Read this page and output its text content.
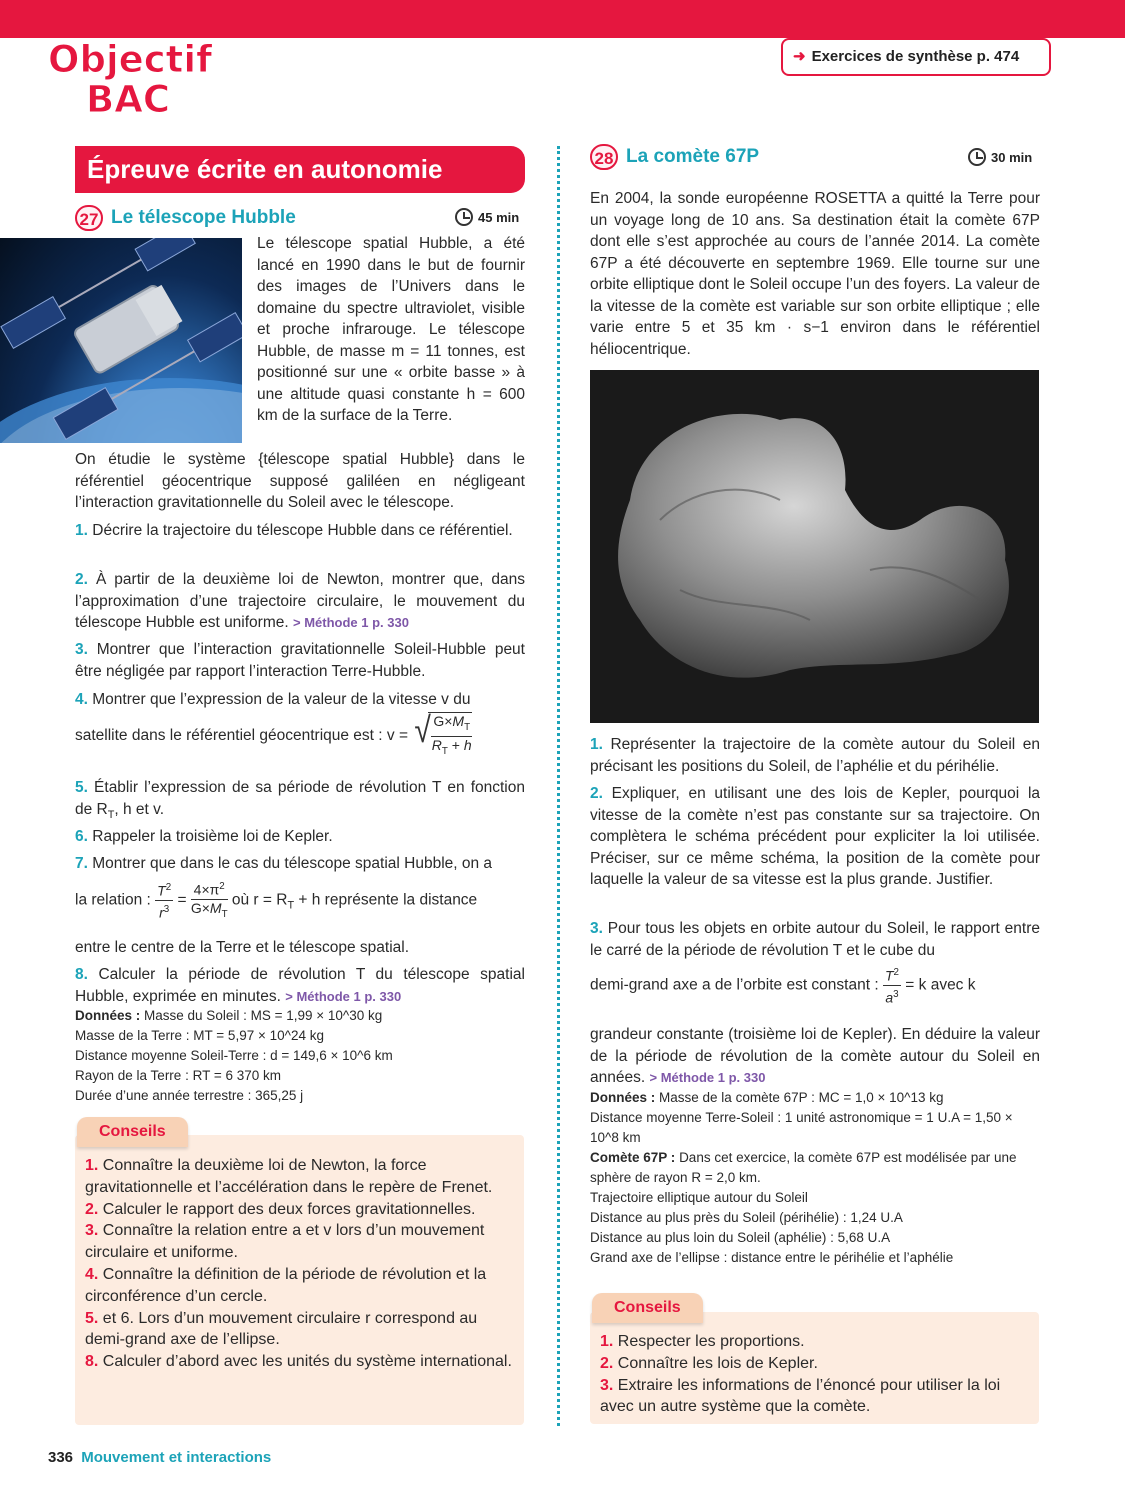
Objectif
BAC
➜ Exercices de synthèse p. 474
Épreuve écrite en autonomie
27 Le télescope Hubble	45 min
Le télescope spatial Hubble, a été lancé en 1990 dans le but de fournir des images de l’Univers dans le domaine du spectre ultraviolet, visible et proche infrarouge. Le télescope Hubble, de masse m = 11 tonnes, est positionné sur une « orbite basse » à une altitude quasi constante h = 600 km de la surface de la Terre.
On étudie le système {télescope spatial Hubble} dans le référentiel géocentrique supposé galiléen en négligeant l’interaction gravitationnelle du Soleil avec le télescope.
1. Décrire la trajectoire du télescope Hubble dans ce référentiel.
2. À partir de la deuxième loi de Newton, montrer que, dans l’approximation d’une trajectoire circulaire, le mouvement du télescope Hubble est uniforme. > Méthode 1 p. 330
3. Montrer que l’interaction gravitationnelle Soleil-Hubble peut être négligée par rapport l’interaction Terre-Hubble.
4. Montrer que l’expression de la valeur de la vitesse v du
satellite dans le référentiel géocentrique est : v =
√ $\frac{G\times M_T}{R_T + h}$
5. Établir l’expression de sa période de révolution T en fonction de $R_T$, h et v.
6. Rappeler la troisième loi de Kepler.
7. Montrer que dans le cas du télescope spatial Hubble, on a
la relation : $\frac{T^2}{r^3} = \frac{4\times\pi^2}{G\times M_T}$ où $r = R_T + h$ représente la distance
entre le centre de la Terre et le télescope spatial.
8. Calculer la période de révolution T du télescope spatial Hubble, exprimée en minutes. > Méthode 1 p. 330
Données : Masse du Soleil : MS = 1,99 × 10^30 kg
Masse de la Terre : MT = 5,97 × 10^24 kg
Distance moyenne Soleil-Terre : d = 149,6 × 10^6 km
Rayon de la Terre : RT = 6 370 km
Durée d’une année terrestre : 365,25 j
Conseils
1. Connaître la deuxième loi de Newton, la force gravitationnelle et l’accélération dans le repère de Frenet.
2. Calculer le rapport des deux forces gravitationnelles.
3. Connaître la relation entre a et v lors d’un mouvement circulaire et uniforme.
4. Connaître la définition de la période de révolution et la circonférence d’un cercle.
5. et 6. Lors d’un mouvement circulaire r correspond au demi-grand axe de l’ellipse.
8. Calculer d’abord avec les unités du système international.
28 La comète 67P	30 min
En 2004, la sonde européenne ROSETTA a quitté la Terre pour un voyage long de 10 ans. Sa destination était la comète 67P dont elle s’est approchée au cours de l’année 2014. La comète 67P a été découverte en septembre 1969. Elle tourne sur une orbite elliptique dont le Soleil occupe l’un des foyers. La valeur de la vitesse de la comète est variable sur son orbite elliptique ; elle varie entre 5 et 35 km · s−1 environ dans le référentiel héliocentrique.
1. Représenter la trajectoire de la comète autour du Soleil en précisant les positions du Soleil, de l’aphélie et du périhélie.
2. Expliquer, en utilisant une des lois de Kepler, pourquoi la vitesse de la comète n’est pas constante sur sa trajectoire. On complètera le schéma précédent pour expliciter la loi utilisée. Préciser, sur ce même schéma, la position de la comète pour laquelle la valeur de sa vitesse est la plus grande. Justifier.
3. Pour tous les objets en orbite autour du Soleil, le rapport entre le carré de la période de révolution T et le cube du
demi-grand axe a de l’orbite est constant : $\frac{T^2}{a^3} = k$ avec k
grandeur constante (troisième loi de Kepler). En déduire la valeur de la période de révolution de la comète autour du Soleil en années. > Méthode 1 p. 330
Données : Masse de la comète 67P : MC = 1,0 × 10^13 kg
Distance moyenne Terre-Soleil : 1 unité astronomique = 1 U.A = 1,50 × 10^8 km
Comète 67P : Dans cet exercice, la comète 67P est modélisée par une sphère de rayon R = 2,0 km.
Trajectoire elliptique autour du Soleil
Distance au plus près du Soleil (périhélie) : 1,24 U.A
Distance au plus loin du Soleil (aphélie) : 5,68 U.A
Grand axe de l’ellipse : distance entre le périhélie et l’aphélie
Conseils
1. Respecter les proportions.
2. Connaître les lois de Kepler.
3. Extraire les informations de l’énoncé pour utiliser la loi avec un autre système que la comète.
336 Mouvement et interactions
